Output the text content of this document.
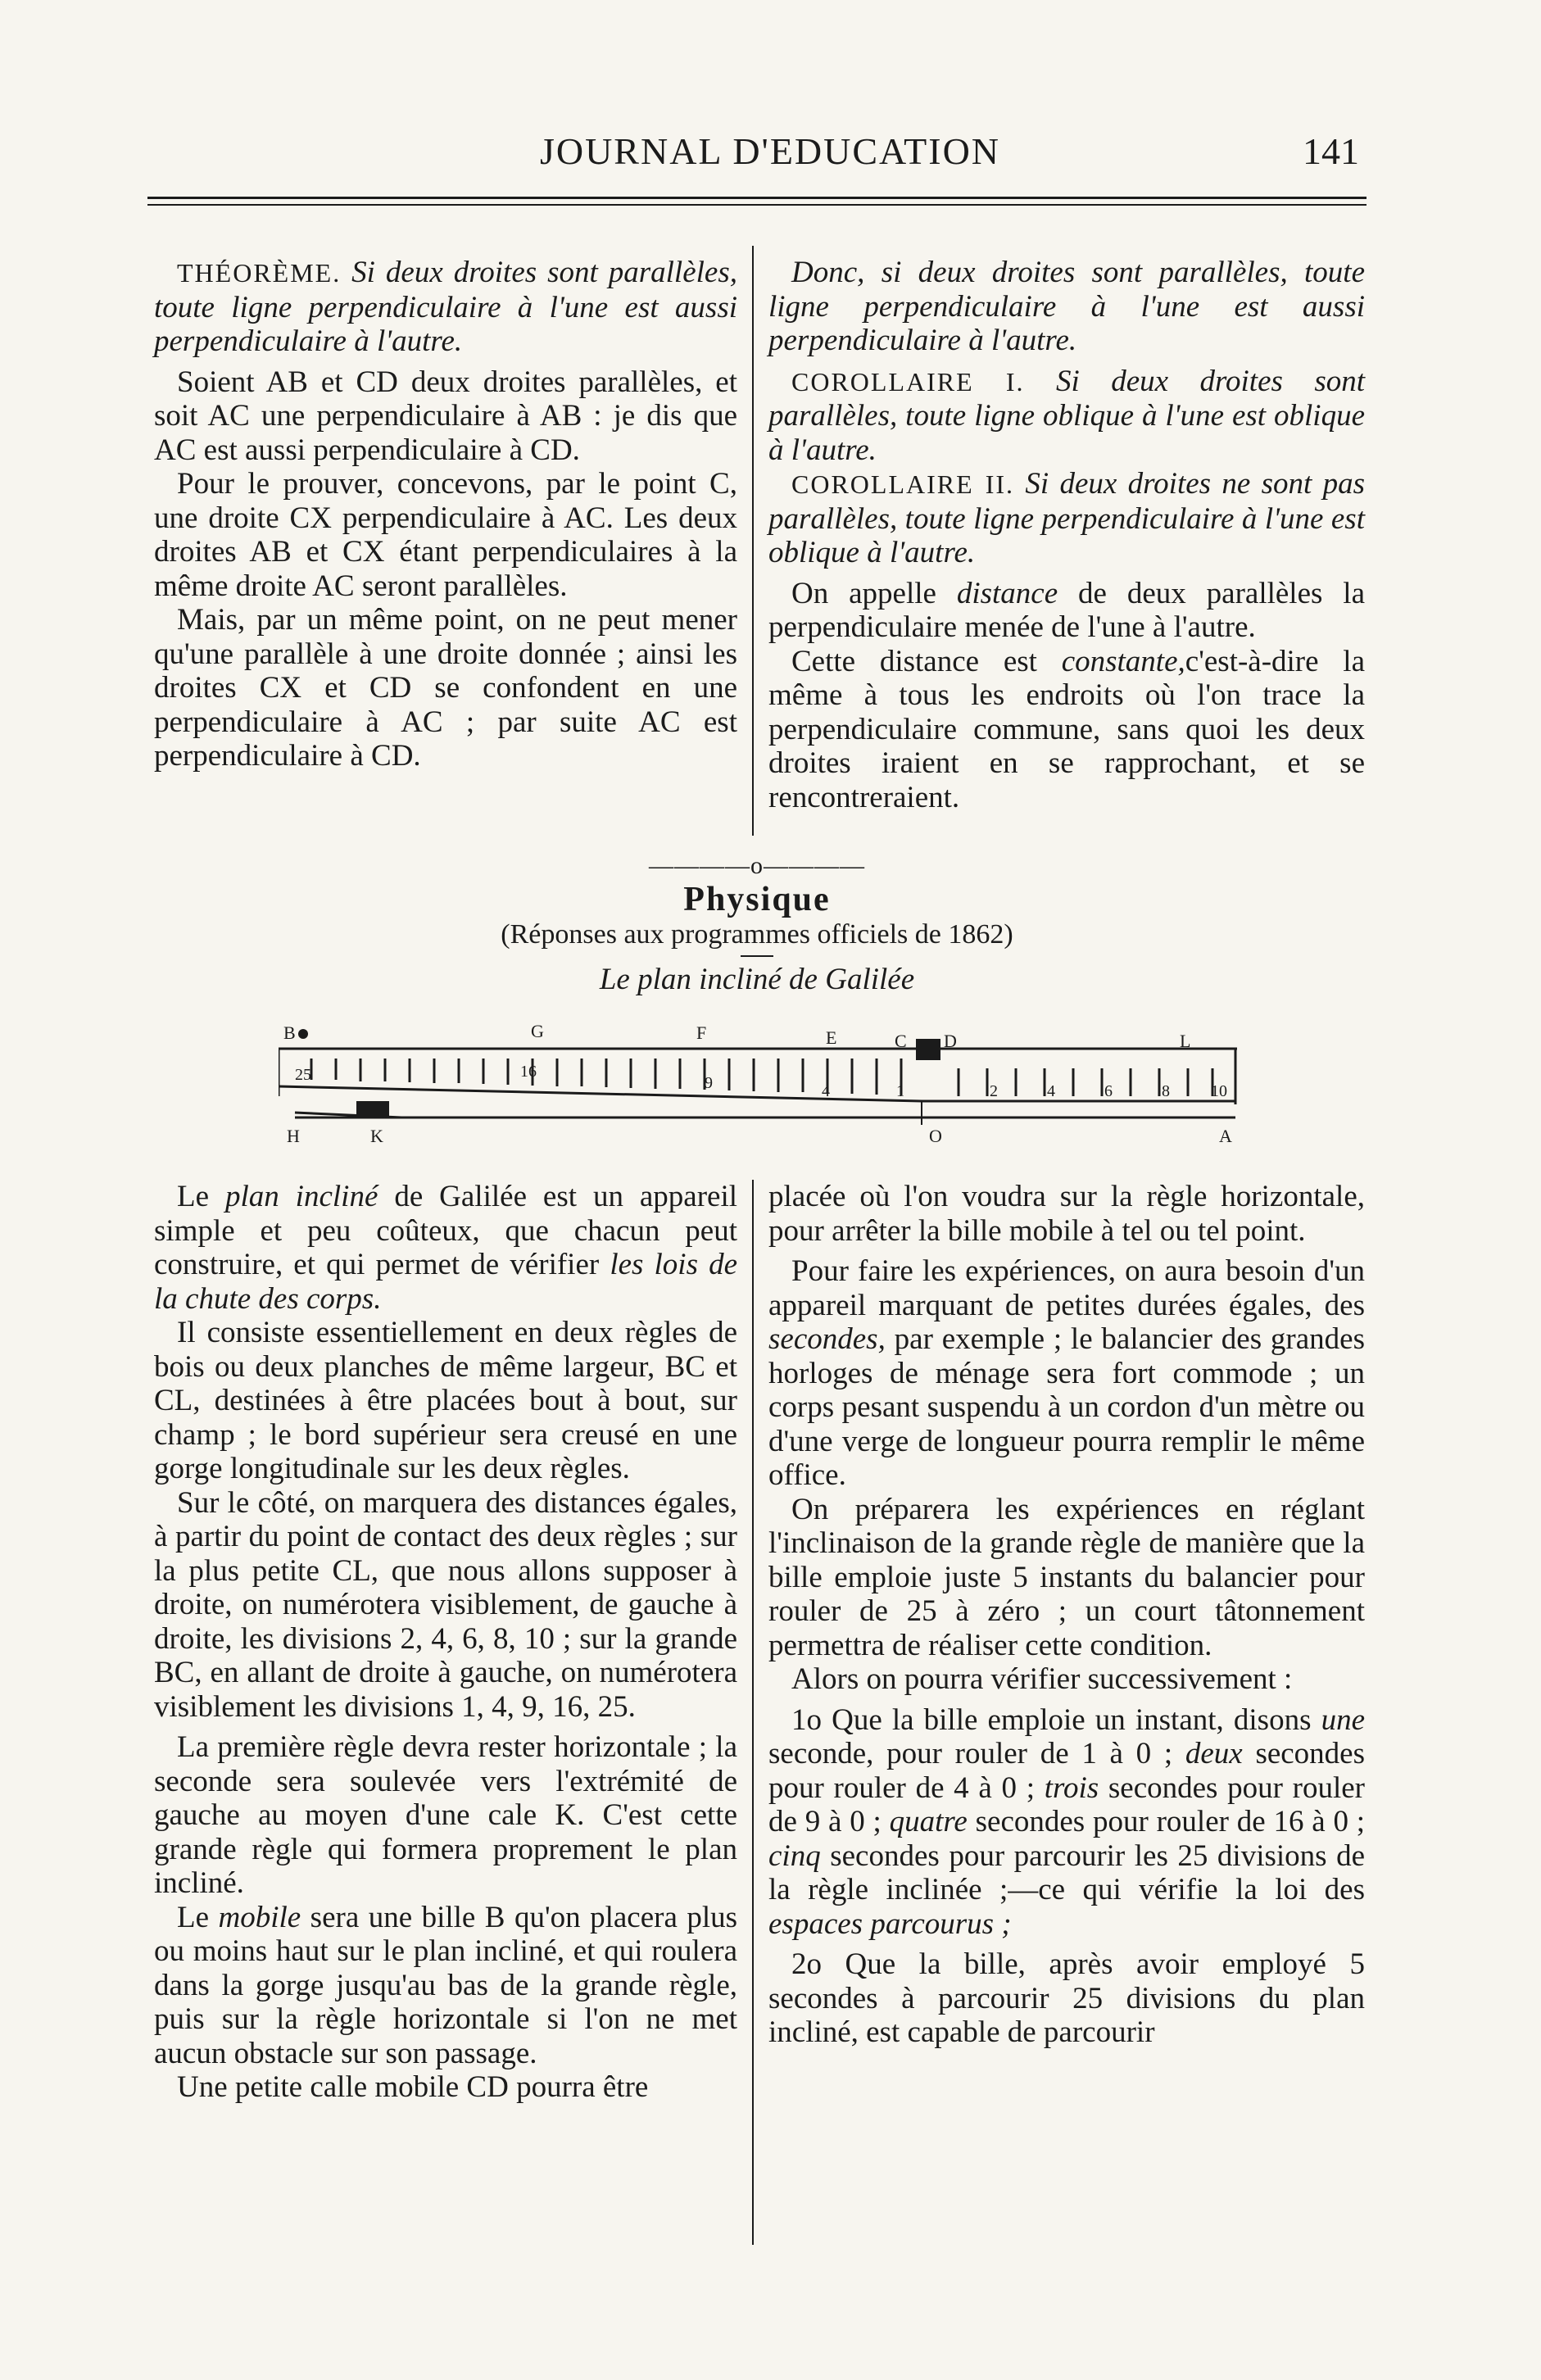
JOURNAL D'EDUCATION	141

THÉORÈME. Si deux droites sont parallèles, toute ligne perpendiculaire à l'une est aussi perpendiculaire à l'autre.

Soient AB et CD deux droites parallèles, et soit AC une perpendiculaire à AB : je dis que AC est aussi perpendiculaire à CD.

Pour le prouver, concevons, par le point C, une droite CX perpendiculaire à AC. Les deux droites AB et CX étant perpendiculaires à la même droite AC seront parallèles.

Mais, par un même point, on ne peut mener qu'une parallèle à une droite donnée ; ainsi les droites CX et CD se confondent en une perpendiculaire à AC ; par suite AC est perpendiculaire à CD.

Donc, si deux droites sont parallèles, toute ligne perpendiculaire à l'une est aussi perpendiculaire à l'autre.

COROLLAIRE I. Si deux droites sont parallèles, toute ligne oblique à l'une est oblique à l'autre.

COROLLAIRE II. Si deux droites ne sont pas parallèles, toute ligne perpendiculaire à l'une est oblique à l'autre.

On appelle distance de deux parallèles la perpendiculaire menée de l'une à l'autre.

Cette distance est constante,c'est-à-dire la même à tous les endroits où l'on trace la perpendiculaire commune, sans quoi les deux droites iraient en se rapprochant, et se rencontreraient.

————o————
Physique
(Réponses aux programmes officiels de 1862)
Le plan incliné de Galilée
B	G	F	E	C D	L
H	K	O	A
25	16
9	4	1	2	4	6	8	10

Le plan incliné de Galilée est un appareil simple et peu coûteux, que chacun peut construire, et qui permet de vérifier les lois de la chute des corps.

Il consiste essentiellement en deux règles de bois ou deux planches de même largeur, BC et CL, destinées à être placées bout à bout, sur champ ; le bord supérieur sera creusé en une gorge longitudinale sur les deux règles.

Sur le côté, on marquera des distances égales, à partir du point de contact des deux règles ; sur la plus petite CL, que nous allons supposer à droite, on numérotera visiblement, de gauche à droite, les divisions 2, 4, 6, 8, 10 ; sur la grande BC, en allant de droite à gauche, on numérotera visiblement les divisions 1, 4, 9, 16, 25.

La première règle devra rester horizontale ; la seconde sera soulevée vers l'extrémité de gauche au moyen d'une cale K. C'est cette grande règle qui formera proprement le plan incliné.

Le mobile sera une bille B qu'on placera plus ou moins haut sur le plan incliné, et qui roulera dans la gorge jusqu'au bas de la grande règle, puis sur la règle horizontale si l'on ne met aucun obstacle sur son passage.

Une petite calle mobile CD pourra être

placée où l'on voudra sur la règle horizontale, pour arrêter la bille mobile à tel ou tel point.

Pour faire les expériences, on aura besoin d'un appareil marquant de petites durées égales, des secondes, par exemple ; le balancier des grandes horloges de ménage sera fort commode ; un corps pesant suspendu à un cordon d'un mètre ou d'une verge de longueur pourra remplir le même office.

On préparera les expériences en réglant l'inclinaison de la grande règle de manière que la bille emploie juste 5 instants du balancier pour rouler de 25 à zéro ; un court tâtonnement permettra de réaliser cette condition.

Alors on pourra vérifier successivement :

1o Que la bille emploie un instant, disons une seconde, pour rouler de 1 à 0 ; deux secondes pour rouler de 4 à 0 ; trois secondes pour rouler de 9 à 0 ; quatre secondes pour rouler de 16 à 0 ; cinq secondes pour parcourir les 25 divisions de la règle inclinée ;—ce qui vérifie la loi des espaces parcourus ;

2o Que la bille, après avoir employé 5 secondes à parcourir 25 divisions du plan incliné, est capable de parcourir
